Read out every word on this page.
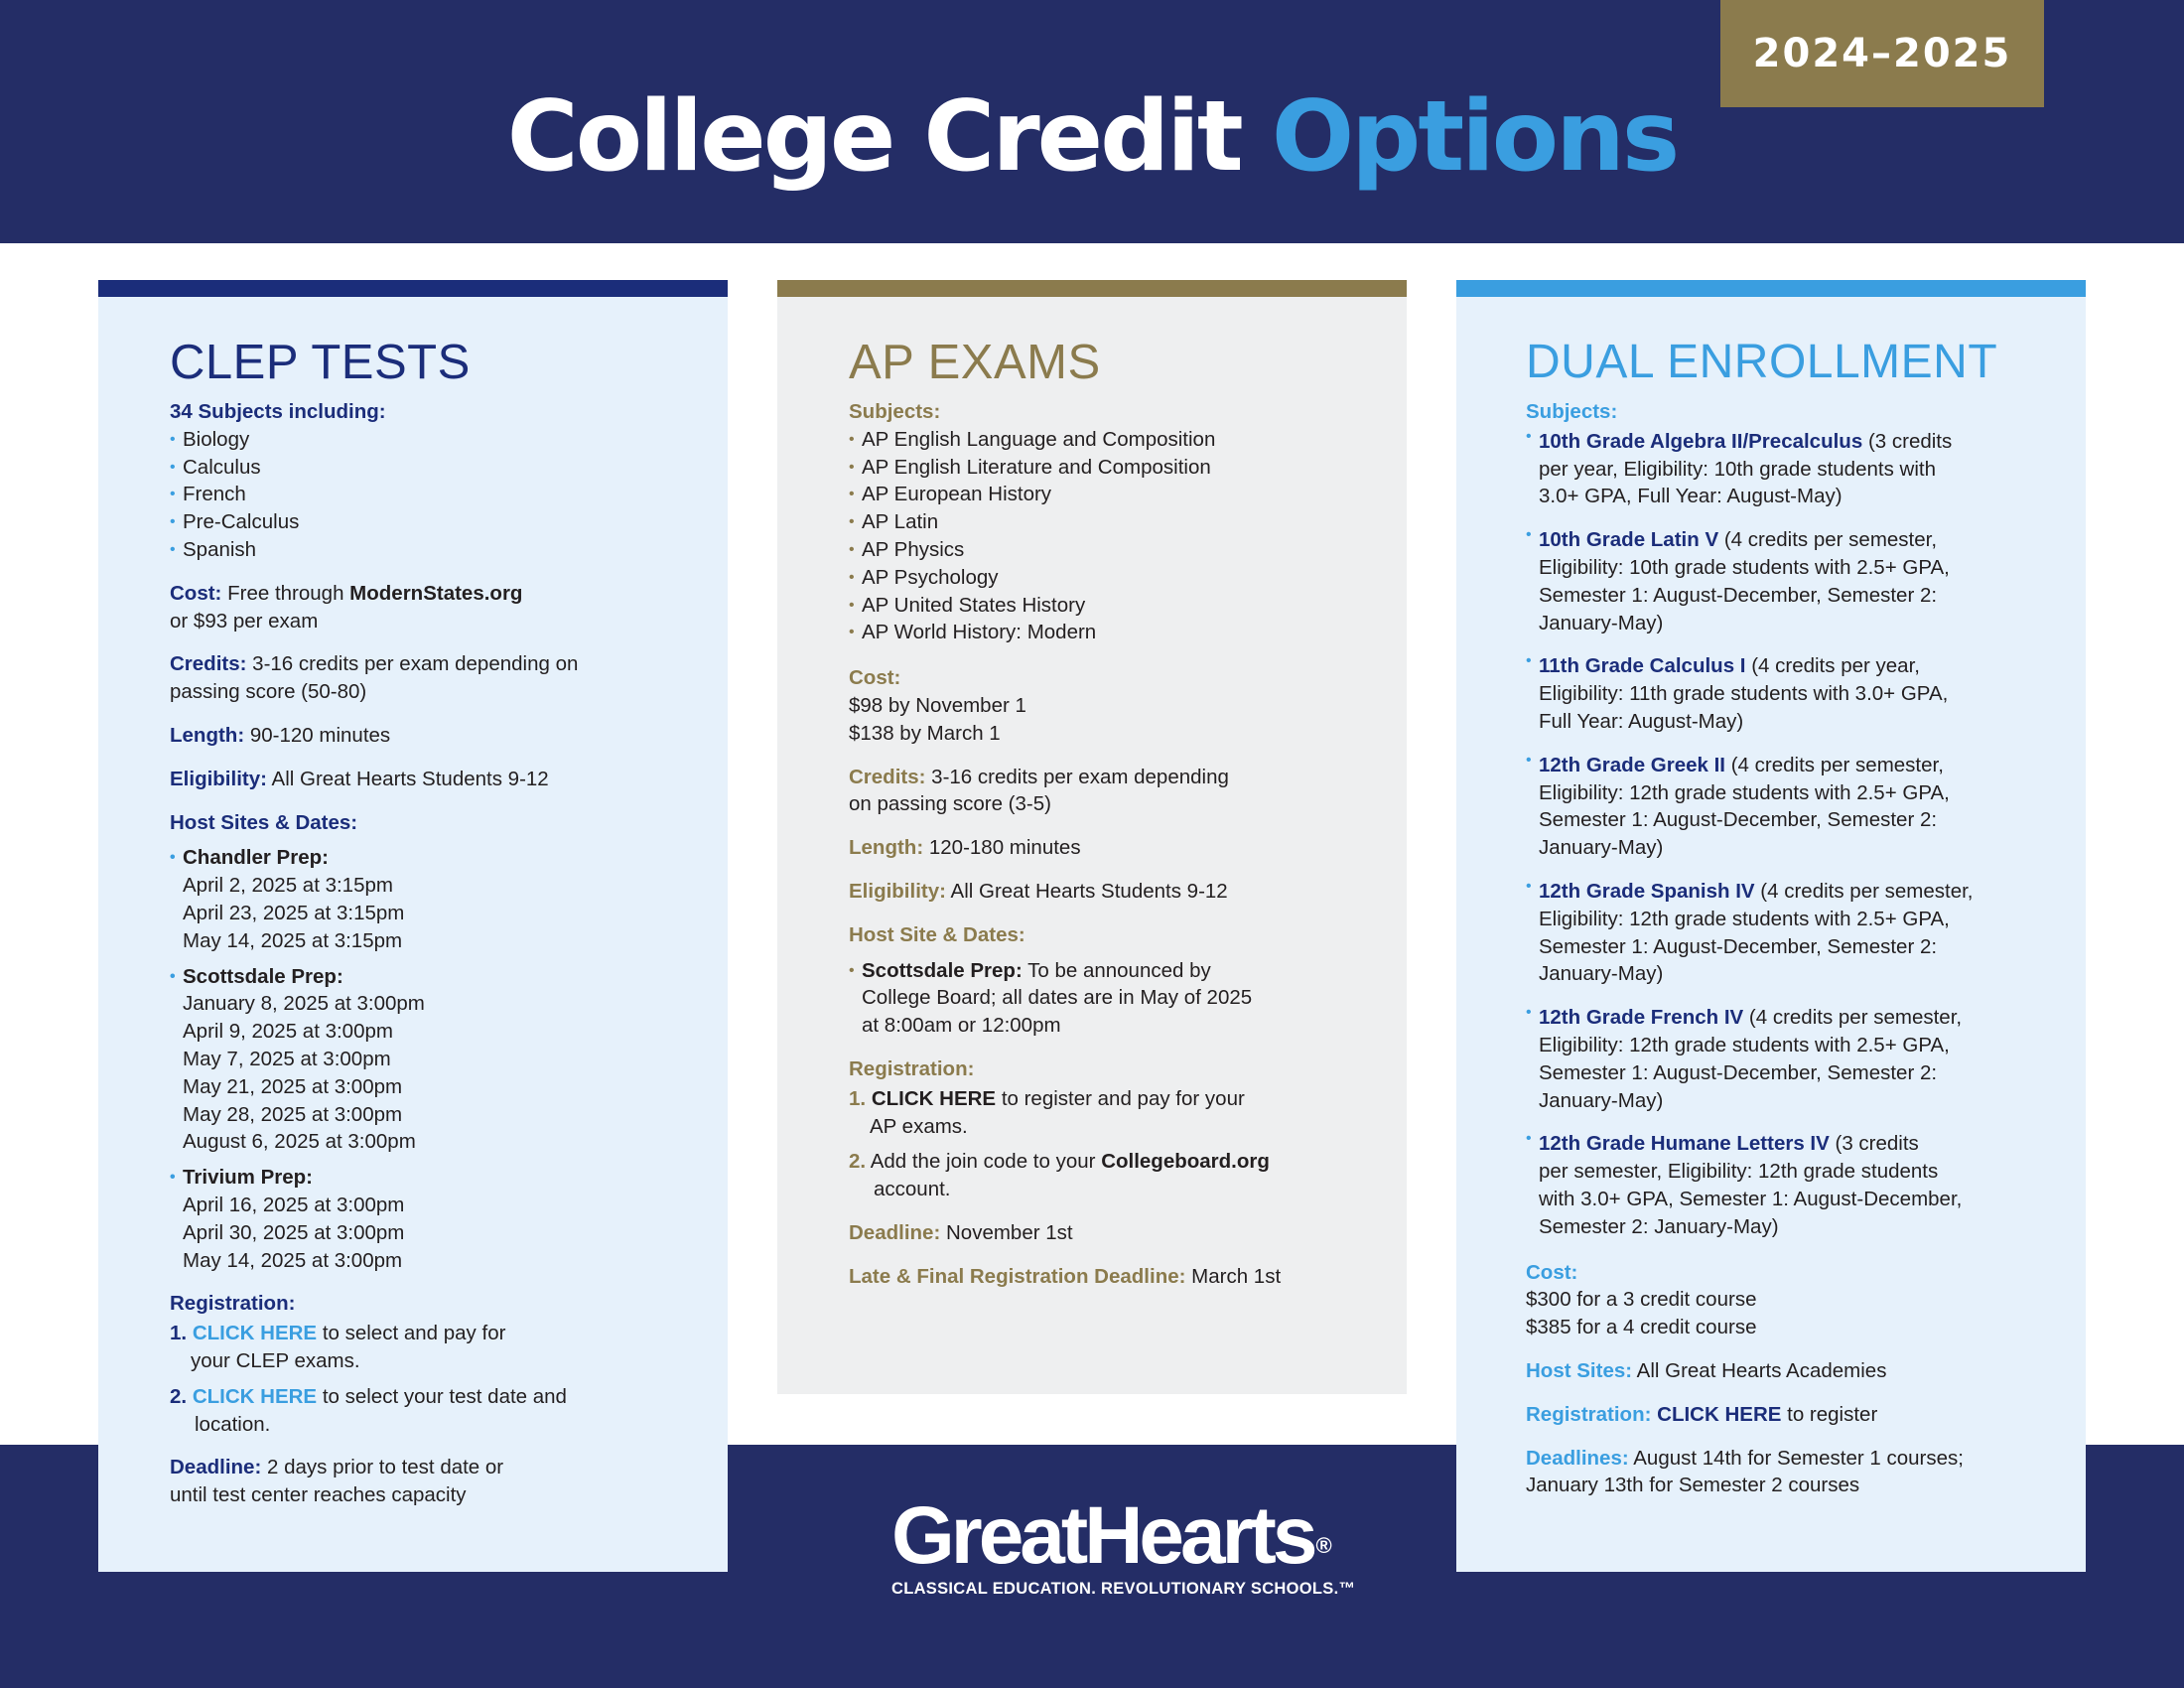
2024–2025
College Credit Options
GreatHearts®
CLASSICAL EDUCATION. REVOLUTIONARY SCHOOLS.™
CLEP TESTS
34 Subjects including:
• Biology
• Calculus
• French
• Pre-Calculus
• Spanish
Cost: Free through ModernStates.org
or $93 per exam
Credits: 3-16 credits per exam depending on
passing score (50-80)
Length: 90-120 minutes
Eligibility: All Great Hearts Students 9-12
Host Sites & Dates:
• Chandler Prep:
April 2, 2025 at 3:15pm
April 23, 2025 at 3:15pm
May 14, 2025 at 3:15pm
• Scottsdale Prep:
January 8, 2025 at 3:00pm
April 9, 2025 at 3:00pm
May 7, 2025 at 3:00pm
May 21, 2025 at 3:00pm
May 28, 2025 at 3:00pm
August 6, 2025 at 3:00pm
• Trivium Prep:
April 16, 2025 at 3:00pm
April 30, 2025 at 3:00pm
May 14, 2025 at 3:00pm
Registration:
1. CLICK HERE to select and pay for
your CLEP exams.
2. CLICK HERE to select your test date and
location.
Deadline: 2 days prior to test date or
until test center reaches capacity
AP EXAMS
Subjects:
• AP English Language and Composition
• AP English Literature and Composition
• AP European History
• AP Latin
• AP Physics
• AP Psychology
• AP United States History
• AP World History: Modern
Cost:
$98 by November 1
$138 by March 1
Credits: 3-16 credits per exam depending
on passing score (3-5)
Length: 120-180 minutes
Eligibility: All Great Hearts Students 9-12
Host Site & Dates:
• Scottsdale Prep: To be announced by
College Board; all dates are in May of 2025
at 8:00am or 12:00pm
Registration:
1. CLICK HERE to register and pay for your
AP exams.
2. Add the join code to your Collegeboard.org
account.
Deadline: November 1st
Late & Final Registration Deadline: March 1st
DUAL ENROLLMENT
Subjects:
• 10th Grade Algebra II/Precalculus (3 credits
per year, Eligibility: 10th grade students with
3.0+ GPA, Full Year: August-May)
• 10th Grade Latin V (4 credits per semester,
Eligibility: 10th grade students with 2.5+ GPA,
Semester 1: August-December, Semester 2:
January-May)
• 11th Grade Calculus I (4 credits per year,
Eligibility: 11th grade students with 3.0+ GPA,
Full Year: August-May)
• 12th Grade Greek II (4 credits per semester,
Eligibility: 12th grade students with 2.5+ GPA,
Semester 1: August-December, Semester 2:
January-May)
• 12th Grade Spanish IV (4 credits per semester,
Eligibility: 12th grade students with 2.5+ GPA,
Semester 1: August-December, Semester 2:
January-May)
• 12th Grade French IV (4 credits per semester,
Eligibility: 12th grade students with 2.5+ GPA,
Semester 1: August-December, Semester 2:
January-May)
• 12th Grade Humane Letters IV (3 credits
per semester, Eligibility: 12th grade students
with 3.0+ GPA, Semester 1: August-December,
Semester 2: January-May)
Cost:
$300 for a 3 credit course
$385 for a 4 credit course
Host Sites: All Great Hearts Academies
Registration: CLICK HERE to register
Deadlines: August 14th for Semester 1 courses;
January 13th for Semester 2 courses
